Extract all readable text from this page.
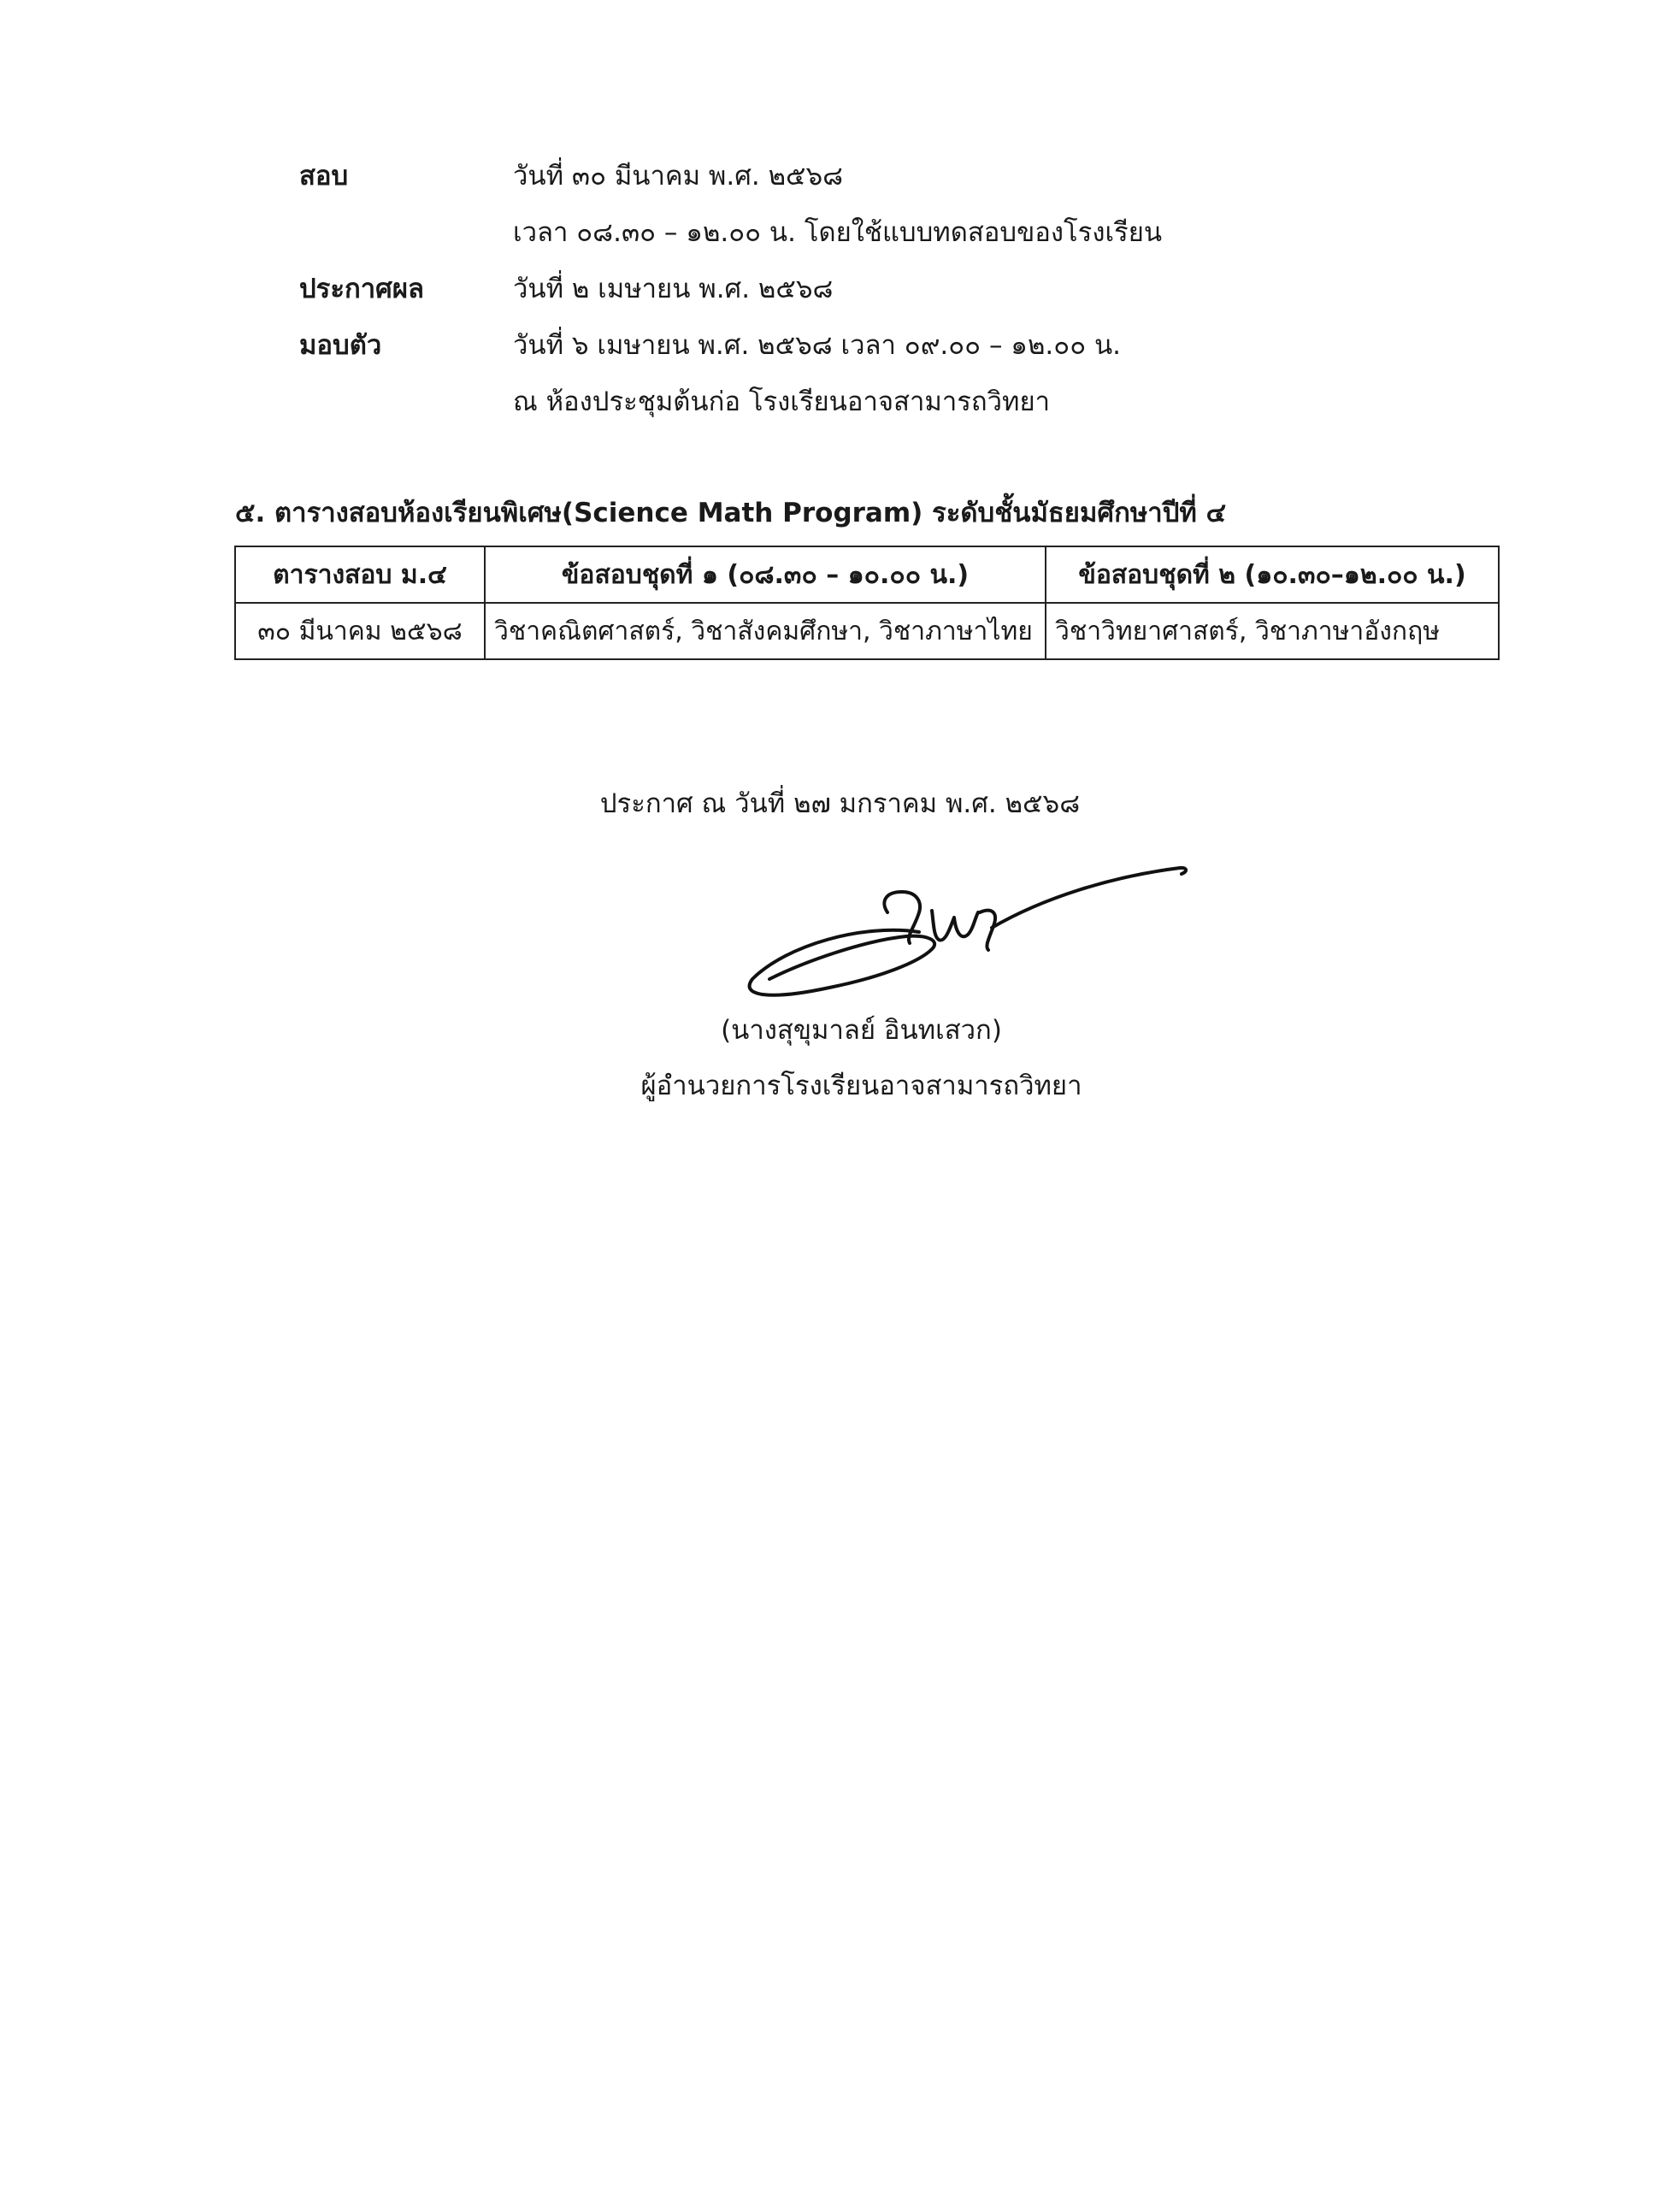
สอบ	วันที่ ๓๐ มีนาคม พ.ศ. ๒๕๖๘
เวลา ๐๘.๓๐ – ๑๒.๐๐ น. โดยใช้แบบทดสอบของโรงเรียน
ประกาศผล	วันที่ ๒ เมษายน พ.ศ. ๒๕๖๘
มอบตัว	วันที่ ๖ เมษายน พ.ศ. ๒๕๖๘ เวลา ๐๙.๐๐ – ๑๒.๐๐ น.
ณ ห้องประชุมต้นก่อ โรงเรียนอาจสามารถวิทยา
๕. ตารางสอบห้องเรียนพิเศษ(Science Math Program) ระดับชั้นมัธยมศึกษาปีที่ ๔
ตารางสอบ ม.๔	ข้อสอบชุดที่ ๑ (๐๘.๓๐ – ๑๐.๐๐ น.)	ข้อสอบชุดที่ ๒ (๑๐.๓๐–๑๒.๐๐ น.)
๓๐ มีนาคม ๒๕๖๘	วิชาคณิตศาสตร์, วิชาสังคมศึกษา, วิชาภาษาไทย	วิชาวิทยาศาสตร์, วิชาภาษาอังกฤษ
ประกาศ ณ วันที่ ๒๗ มกราคม พ.ศ. ๒๕๖๘
(นางสุขุมาลย์ อินทเสวก)
ผู้อำนวยการโรงเรียนอาจสามารถวิทยา
